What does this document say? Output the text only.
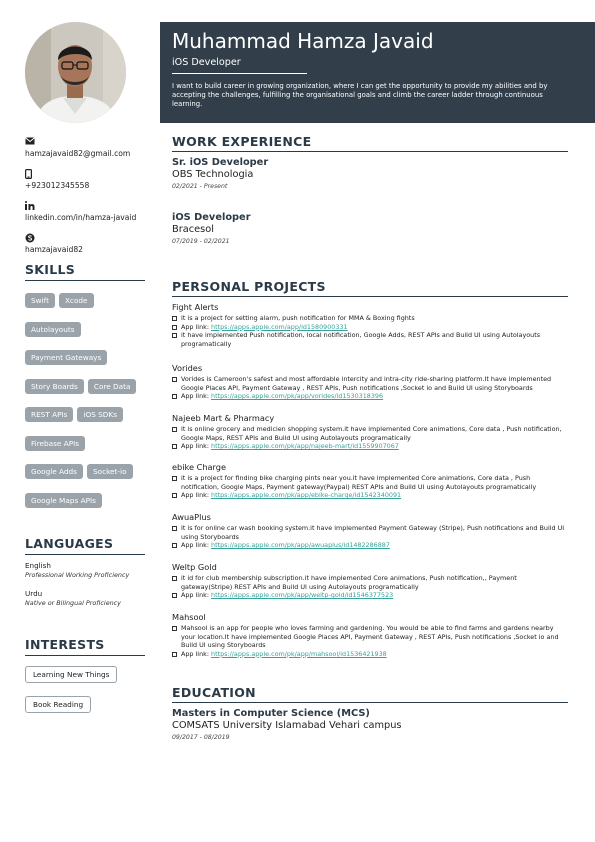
hamzajavaid82@gmail.com
+923012345558
linkedin.com/in/hamza-javaid
hamzajavaid82
SKILLS
Swift Xcode
Autolayouts
Payment Gateways
Story Boards Core Data
REST APIs iOS SDKs
Firebase APIs
Google Adds Socket-io
Google Maps APIs
LANGUAGES
English
Professional Working Proficiency
Urdu
Native or Bilingual Proficiency
INTERESTS
Learning New Things
Book Reading
Muhammad Hamza Javaid
iOS Developer
I want to build career in growing organization, where I can get the opportunity to provide my abilities and by accepting the challenges, fulfilling the organisational goals and climb the career ladder through continuous learning.
WORK EXPERIENCE
Sr. iOS Developer
OBS Technologia
02/2021 - Present
iOS Developer
Bracesol
07/2019 - 02/2021
PERSONAL PROJECTS
Fight Alerts
It is a project for setting alarm, push notification for MMA & Boxing fights
App link: https://apps.apple.com/app/id1580900331
it have implemented Push notification, local notification, Google Adds, REST APIs and Build UI using Autolayouts programatically
Vorides
Vorides is Cameroon's safest and most affordable intercity and intra-city ride-sharing platform.It have implemented Google Places API, Payment Gateway , REST APIs, Push notifications ,Socket io and Build UI using Storyboards
App link: https://apps.apple.com/pk/app/vorides/id1530318396
Najeeb Mart & Pharmacy
It is online grocery and medicien shopping system.it have implemented Core animations, Core data , Push notification, Google Maps, REST APIs and Build UI using Autolayouts programatically
App link: https://apps.apple.com/pk/app/najeeb-mart/id1559907067
ebike Charge
it is a project for finding bike charging pints near you.it have implemented Core animations, Core data , Push notification, Google Maps, Payment gateway(Paypal) REST APIs and Build UI using Autolayouts programatically
App link: https://apps.apple.com/pk/app/ebike-charge/id1542340091
AwuaPlus
It is for online car wash booking system.it have implemented Payment Gateway (Stripe), Push notifications and Build UI using Storyboards
App link: https://apps.apple.com/pk/app/awuaplus/id1482286887
Weltp Gold
it id for club membership subscription.it have implemented Core animations, Push notification,, Payment gateway(Stripe) REST APIs and Build UI using Autolayouts programatically
App link: https://apps.apple.com/pk/app/weltp-gold/id1546377523
Mahsool
Mahsool is an app for people who loves farming and gardening. You would be able to find farms and gardens nearby your location.It have implemented Google Places API, Payment Gateway , REST APIs, Push notifications ,Socket io and Build UI using Storyboards
App link: https://apps.apple.com/pk/app/mahsool/id1536421938
EDUCATION
Masters in Computer Science (MCS)
COMSATS University Islamabad Vehari campus
09/2017 - 08/2019
